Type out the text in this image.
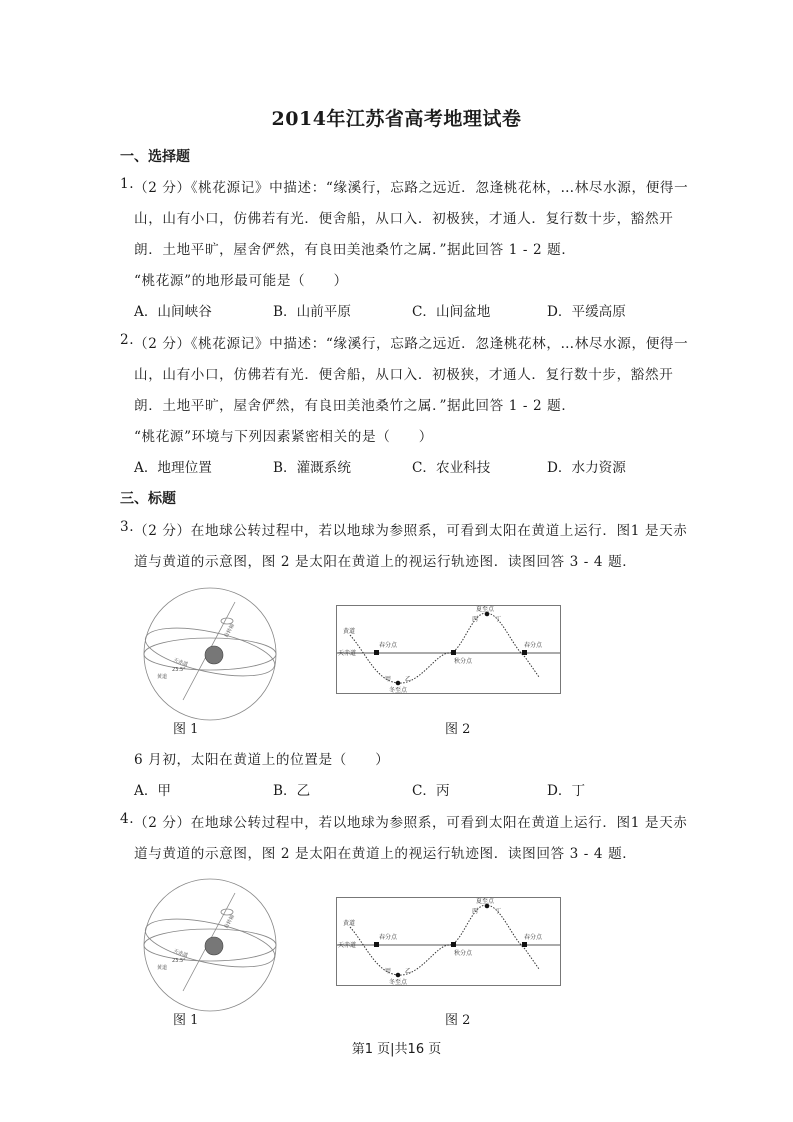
2014年江苏省高考地理试卷
一、选择题
1. （2 分）《桃花源记》中描述：“缘溪行，忘路之远近．忽逢桃花林，…林尽水源，便得一
山，山有小口，仿佛若有光．便舍船，从口入．初极狭，才通人．复行数十步，豁然开
朗．土地平旷，屋舍俨然，有良田美池桑竹之属．”据此回答 1 - 2 题．
“桃花源”的地形最可能是（　　）
A．山间峡谷	B．山前平原	C．山间盆地	D．平缓高原
2. （2 分）《桃花源记》中描述：“缘溪行，忘路之远近．忽逢桃花林，…林尽水源，便得一
山，山有小口，仿佛若有光．便舍船，从口入．初极狭，才通人．复行数十步，豁然开
朗．土地平旷，屋舍俨然，有良田美池桑竹之属．”据此回答 1 - 2 题．
“桃花源”环境与下列因素紧密相关的是（　　）
A．地理位置	B．灌溉系统	C．农业科技	D．水力资源
三、标题
3. （2 分）在地球公转过程中，若以地球为参照系，可看到太阳在黄道上运行．图1 是天赤
道与黄道的示意图，图 2 是太阳在黄道上的视运行轨迹图．读图回答 3 - 4 题．
自转轴
天赤道
23.5°
黄道
图 1
黄道
天赤道
春分点
秋分点
春分点
夏至点
冬至点
甲 乙
丙	丁
图 2
6 月初，太阳在黄道上的位置是（　　）
A．甲	B．乙	C．丙	D．丁
4. （2 分）在地球公转过程中，若以地球为参照系，可看到太阳在黄道上运行．图1 是天赤
道与黄道的示意图，图 2 是太阳在黄道上的视运行轨迹图．读图回答 3 - 4 题．
自转轴
天赤道
23.5°
黄道
图 1
黄道
天赤道
春分点
秋分点
春分点
夏至点
冬至点
甲 乙
丙	丁
图 2
第1 页|共16 页
